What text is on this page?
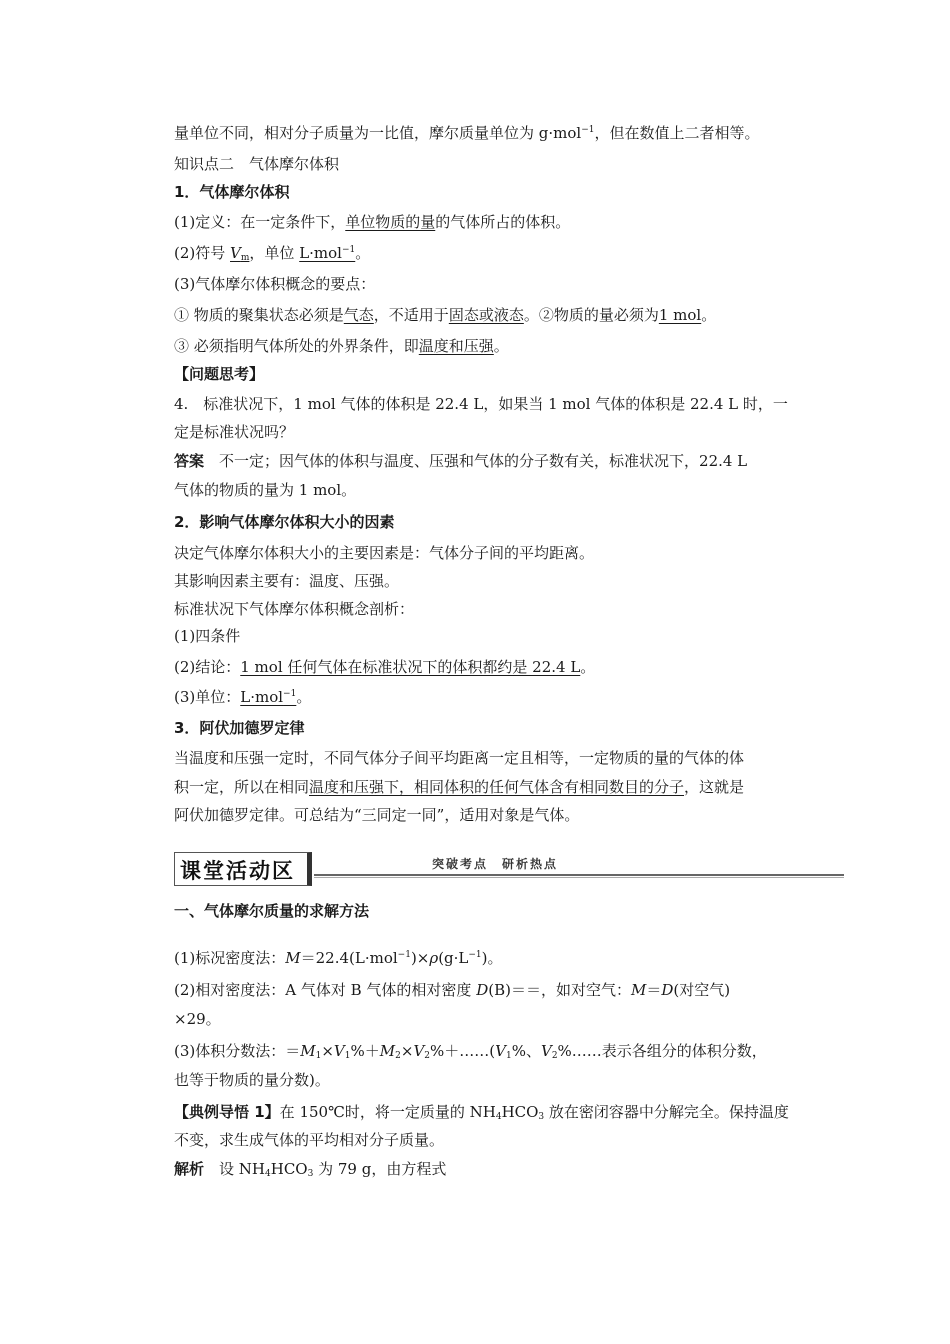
量单位不同，相对分子质量为一比值，摩尔质量单位为 g·mol$^{-1}$，但在数值上二者相等。
知识点二　气体摩尔体积
1．气体摩尔体积
(1)定义：在一定条件下，单位物质的量的气体所占的体积。
(2)符号 $V_m$，单位 L·mol$^{-1}$。
(3)气体摩尔体积概念的要点：
① 物质的聚集状态必须是气态，不适用于固态或液态。②物质的量必须为1 mol。
③ 必须指明气体所处的外界条件，即温度和压强。
【问题思考】
4.　标准状况下，1 mol 气体的体积是 22.4 L，如果当 1 mol 气体的体积是 22.4 L 时，一
定是标准状况吗？
答案　不一定；因气体的体积与温度、压强和气体的分子数有关，标准状况下，22.4 L
气体的物质的量为 1 mol。
2．影响气体摩尔体积大小的因素
决定气体摩尔体积大小的主要因素是：气体分子间的平均距离。
其影响因素主要有：温度、压强。
标准状况下气体摩尔体积概念剖析：
(1)四条件
(2)结论：1 mol 任何气体在标准状况下的体积都约是 22.4 L。
(3)单位：L·mol$^{-1}$。
3．阿伏加德罗定律
当温度和压强一定时，不同气体分子间平均距离一定且相等，一定物质的量的气体的体
积一定，所以在相同温度和压强下，相同体积的任何气体含有相同数目的分子，这就是
阿伏加德罗定律。可总结为“三同定一同”，适用对象是气体。
课堂活动区	突破考点　研析热点
一、气体摩尔质量的求解方法
(1)标况密度法：$M=22.4(L\cdot mol^{-1})\times\rho(g\cdot L^{-1})$。
(2)相对密度法：A 气体对 B 气体的相对密度 D(B)＝＝，如对空气：M＝D(对空气)
×29。
(3)体积分数法：$=M_1\times V_1\%+M_2\times V_2\%+\dots\dots(V_1\%$、$V_2\%\dots\dots$表示各组分的体积分数，
也等于物质的量分数)。
【典例导悟 1】在 150℃时，将一定质量的 $NH_4HCO_3$ 放在密闭容器中分解完全。保持温度
不变，求生成气体的平均相对分子质量。
解析　设 $NH_4HCO_3$ 为 79 g，由方程式
